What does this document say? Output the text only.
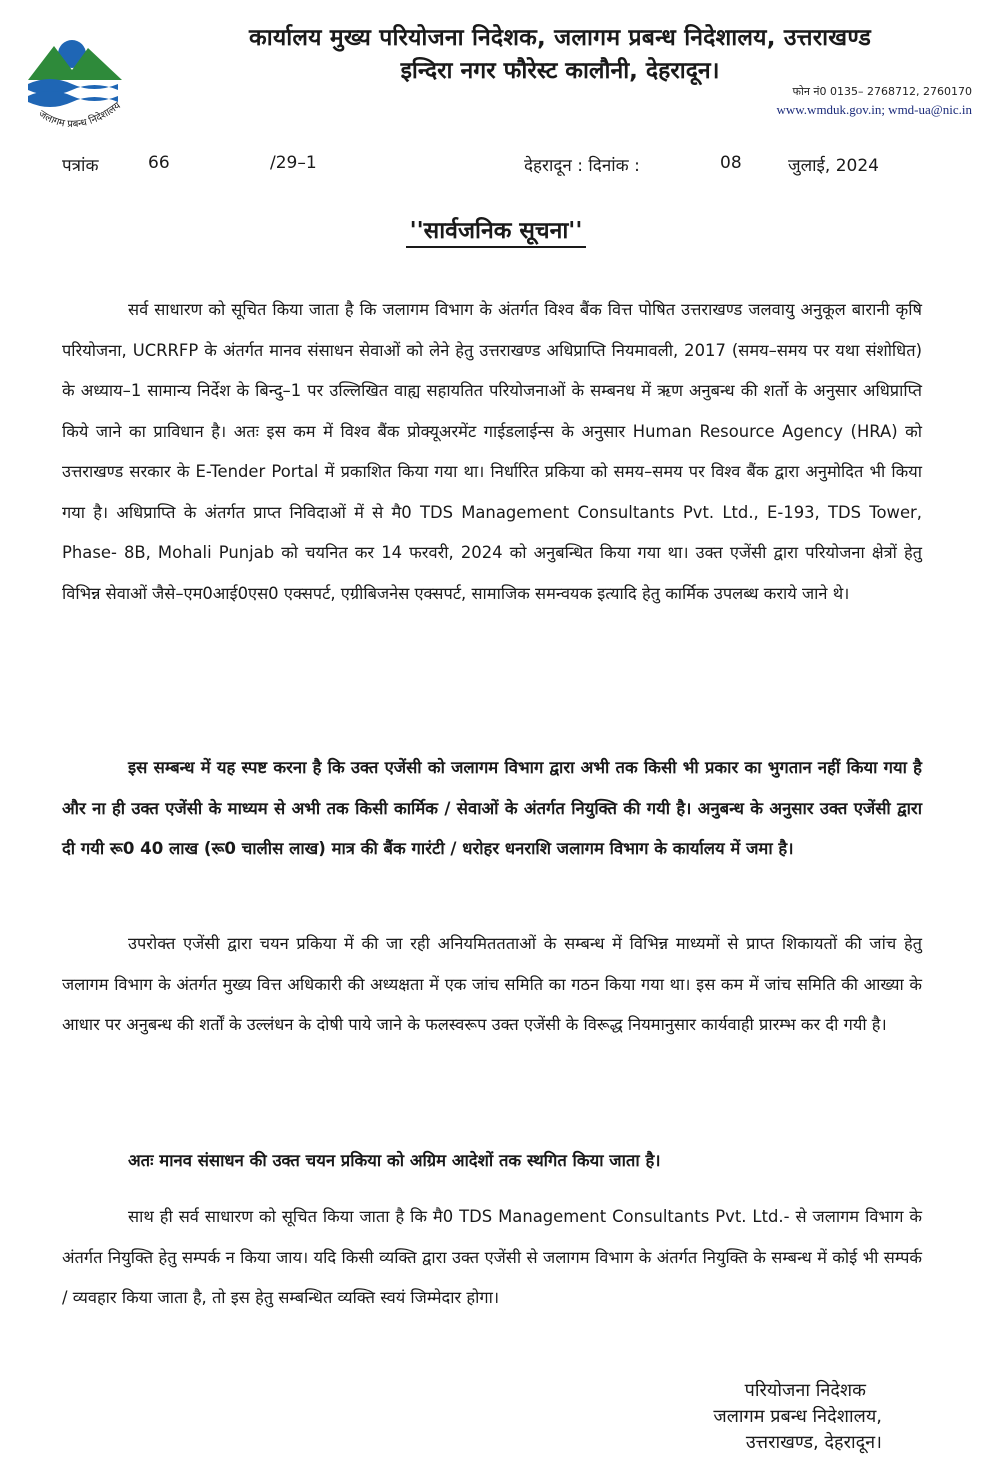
जलागम प्रबन्ध निदेशालय
कार्यालय मुख्य परियोजना निदेशक, जलागम प्रबन्ध निदेशालय, उत्तराखण्ड
इन्दिरा नगर फौरेस्ट कालौनी, देहरादून।
फोन नं0 0135– 2768712, 2760170
www.wmduk.gov.in; wmd-ua@nic.in
पत्रांक	66	/29–1	देहरादून : दिनांक :	08	जुलाई, 2024
''सार्वजनिक सूचना''
सर्व साधारण को सूचित किया जाता है कि जलागम विभाग के अंतर्गत विश्व बैंक वित्त पोषित उत्तराखण्ड जलवायु अनुकूल बारानी कृषि परियोजना, UCRRFP के अंतर्गत मानव संसाधन सेवाओं को लेने हेतु उत्तराखण्ड अधिप्राप्ति नियमावली, 2017 (समय–समय पर यथा संशोधित) के अध्याय–1 सामान्य निर्देश के बिन्दु–1 पर उल्लिखित वाह्य सहायतित परियोजनाओं के सम्बनध में ऋण अनुबन्ध की शर्तो के अनुसार अधिप्राप्ति किये जाने का प्राविधान है। अतः इस कम में विश्व बैंक प्रोक्यूअरमेंट गाईडलाईन्स के अनुसार Human Resource Agency (HRA) को उत्तराखण्ड सरकार के E-Tender Portal में प्रकाशित किया गया था। निर्धारित प्रकिया को समय–समय पर विश्व बैंक द्वारा अनुमोदित भी किया गया है। अधिप्राप्ति के अंतर्गत प्राप्त निविदाओं में से मै0 TDS Management Consultants Pvt. Ltd., E-193, TDS Tower, Phase- 8B, Mohali Punjab को चयनित कर 14 फरवरी, 2024 को अनुबन्धित किया गया था। उक्त एजेंसी द्वारा परियोजना क्षेत्रों हेतु विभिन्न सेवाओं जैसे–एम0आई0एस0 एक्सपर्ट, एग्रीबिजनेस एक्सपर्ट, सामाजिक समन्वयक इत्यादि हेतु कार्मिक उपलब्ध कराये जाने थे।
इस सम्बन्ध में यह स्पष्ट करना है कि उक्त एजेंसी को जलागम विभाग द्वारा अभी तक किसी भी प्रकार का भुगतान नहीं किया गया है और ना ही उक्त एजेंसी के माध्यम से अभी तक किसी कार्मिक / सेवाओं के अंतर्गत नियुक्ति की गयी है। अनुबन्ध के अनुसार उक्त एजेंसी द्वारा दी गयी रू0 40 लाख (रू0 चालीस लाख) मात्र की बैंक गारंटी / धरोहर धनराशि जलागम विभाग के कार्यालय में जमा है।
उपरोक्त एजेंसी द्वारा चयन प्रकिया में की जा रही अनियमिततताओं के सम्बन्ध में विभिन्न माध्यमों से प्राप्त शिकायतों की जांच हेतु जलागम विभाग के अंतर्गत मुख्य वित्त अधिकारी की अध्यक्षता में एक जांच समिति का गठन किया गया था। इस कम में जांच समिति की आख्या के आधार पर अनुबन्ध की शर्तों के उल्लंधन के दोषी पाये जाने के फलस्वरूप उक्त एजेंसी के विरूद्ध नियमानुसार कार्यवाही प्रारम्भ कर दी गयी है।
अतः मानव संसाधन की उक्त चयन प्रकिया को अग्रिम आदेशों तक स्थगित किया जाता है।
साथ ही सर्व साधारण को सूचित किया जाता है कि मै0 TDS Management Consultants Pvt. Ltd.- से जलागम विभाग के अंतर्गत नियुक्ति हेतु सम्पर्क न किया जाय। यदि किसी व्यक्ति द्वारा उक्त एजेंसी से जलागम विभाग के अंतर्गत नियुक्ति के सम्बन्ध में कोई भी सम्पर्क / व्यवहार किया जाता है, तो इस हेतु सम्बन्धित व्यक्ति स्वयं जिम्मेदार होगा।
परियोजना निदेशक
जलागम प्रबन्ध निदेशालय,
उत्तराखण्ड, देहरादून।
